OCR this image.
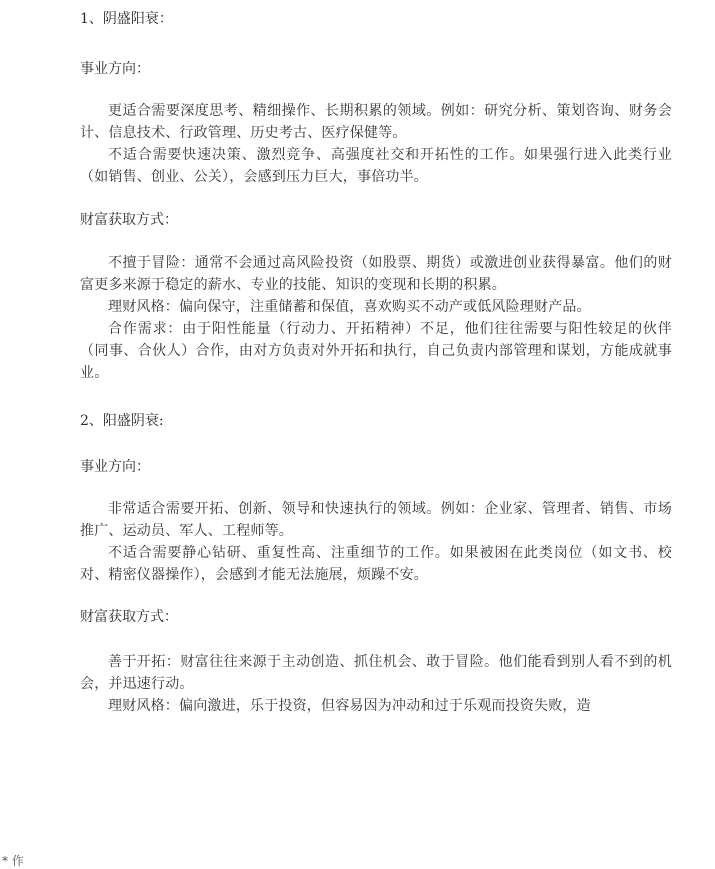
1、阴盛阳衰：
事业方向：
更适合需要深度思考、精细操作、长期积累的领域。例如：研究分析、策划咨询、财务会计、信息技术、行政管理、历史考古、医疗保健等。
不适合需要快速决策、激烈竞争、高强度社交和开拓性的工作。如果强行进入此类行业（如销售、创业、公关），会感到压力巨大，事倍功半。
财富获取方式：
不擅于冒险：通常不会通过高风险投资（如股票、期货）或激进创业获得暴富。他们的财富更多来源于稳定的薪水、专业的技能、知识的变现和长期的积累。
理财风格：偏向保守，注重储蓄和保值，喜欢购买不动产或低风险理财产品。
合作需求：由于阳性能量（行动力、开拓精神）不足，他们往往需要与阳性较足的伙伴（同事、合伙人）合作，由对方负责对外开拓和执行，自己负责内部管理和谋划，方能成就事业。
2、阳盛阴衰:
事业方向：
非常适合需要开拓、创新、领导和快速执行的领域。例如：企业家、管理者、销售、市场推广、运动员、军人、工程师等。
不适合需要静心钻研、重复性高、注重细节的工作。如果被困在此类岗位（如文书、校对、精密仪器操作），会感到才能无法施展，烦躁不安。
财富获取方式：
善于开拓：财富往往来源于主动创造、抓住机会、敢于冒险。他们能看到别人看不到的机会，并迅速行动。
理财风格：偏向激进，乐于投资，但容易因为冲动和过于乐观而投资失败，造
* 作
